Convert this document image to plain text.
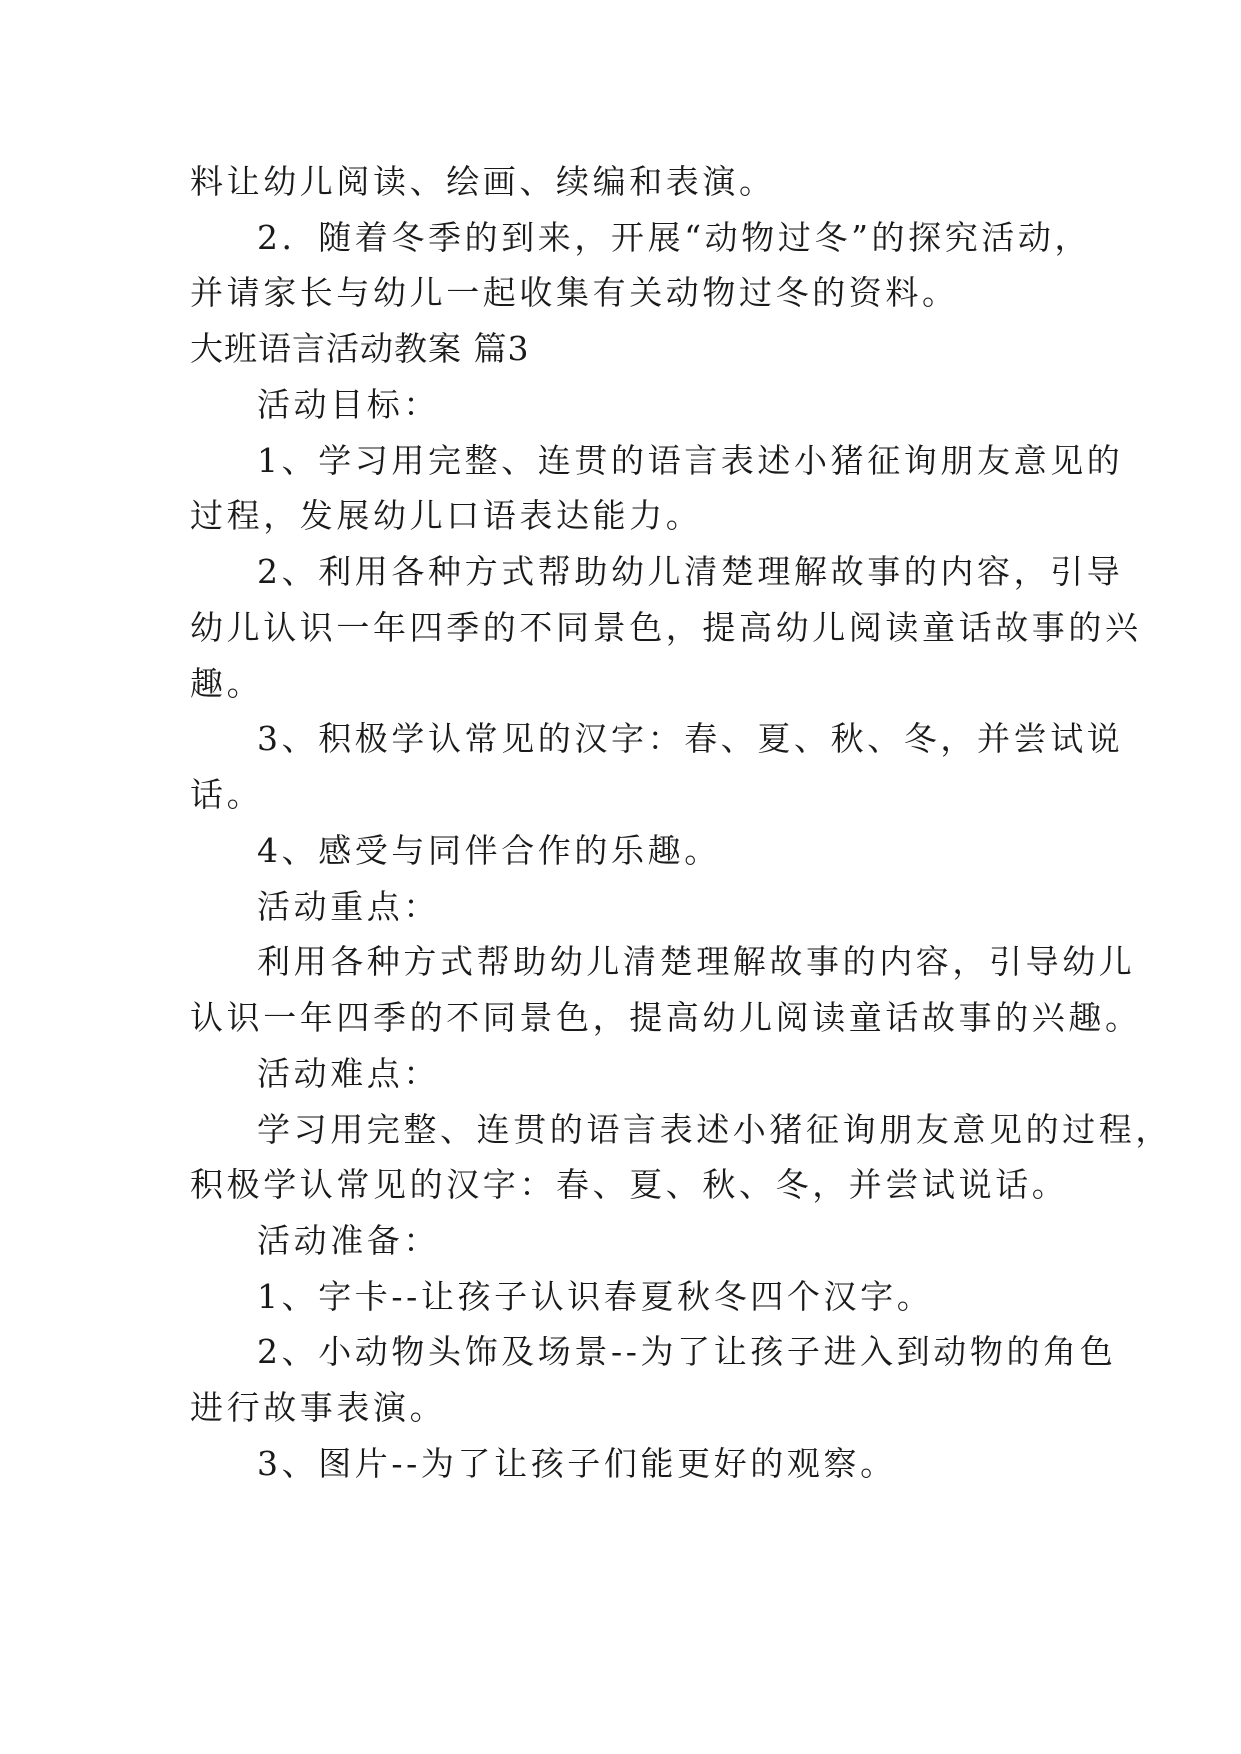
料让幼儿阅读、绘画、续编和表演。
2．随着冬季的到来，开展“动物过冬”的探究活动，
并请家长与幼儿一起收集有关动物过冬的资料。
大班语言活动教案 篇3
活动目标：
1、学习用完整、连贯的语言表述小猪征询朋友意见的
过程，发展幼儿口语表达能力。
2、利用各种方式帮助幼儿清楚理解故事的内容，引导
幼儿认识一年四季的不同景色，提高幼儿阅读童话故事的兴
趣。
3、积极学认常见的汉字：春、夏、秋、冬，并尝试说
话。
4、感受与同伴合作的乐趣。
活动重点：
利用各种方式帮助幼儿清楚理解故事的内容，引导幼儿
认识一年四季的不同景色，提高幼儿阅读童话故事的兴趣。
活动难点：
学习用完整、连贯的语言表述小猪征询朋友意见的过程，
积极学认常见的汉字：春、夏、秋、冬，并尝试说话。
活动准备：
1、字卡--让孩子认识春夏秋冬四个汉字。
2、小动物头饰及场景--为了让孩子进入到动物的角色
进行故事表演。
3、图片--为了让孩子们能更好的观察。
